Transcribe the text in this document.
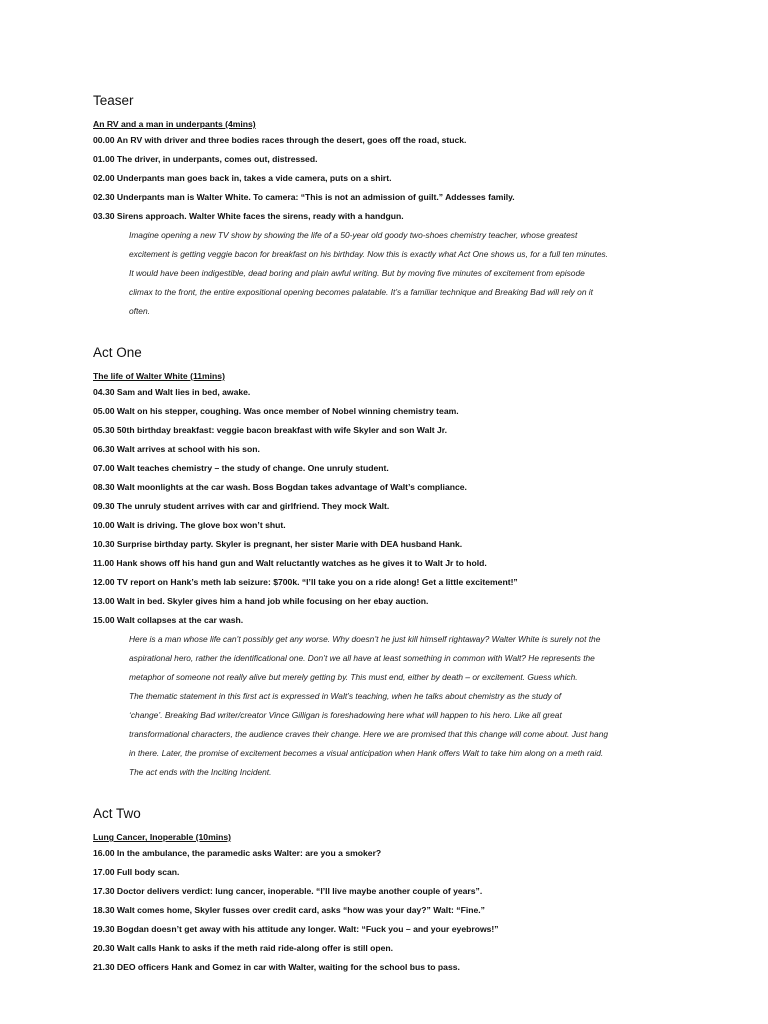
Teaser
An RV and a man in underpants (4mins)
00.00 An RV with driver and three bodies races through the desert, goes off the road, stuck.
01.00 The driver, in underpants, comes out, distressed.
02.00 Underpants man goes back in, takes a vide camera, puts on a shirt.
02.30 Underpants man is Walter White. To camera: “This is not an admission of guilt.” Addesses family.
03.30 Sirens approach. Walter White faces the sirens, ready with a handgun.
Imagine opening a new TV show by showing the life of a 50-year old goody two-shoes chemistry teacher, whose greatest
excitement is getting veggie bacon for breakfast on his birthday. Now this is exactly what Act One shows us, for a full ten minutes.
It would have been indigestible, dead boring and plain awful writing. But by moving five minutes of excitement from episode
climax to the front, the entire expositional opening becomes palatable. It’s a familiar technique and Breaking Bad will rely on it
often.
Act One
The life of Walter White (11mins)
04.30 Sam and Walt lies in bed, awake.
05.00 Walt on his stepper, coughing. Was once member of Nobel winning chemistry team.
05.30 50th birthday breakfast: veggie bacon breakfast with wife Skyler and son Walt Jr.
06.30 Walt arrives at school with his son.
07.00 Walt teaches chemistry – the study of change. One unruly student.
08.30 Walt moonlights at the car wash. Boss Bogdan takes advantage of Walt’s compliance.
09.30 The unruly student arrives with car and girlfriend. They mock Walt.
10.00 Walt is driving. The glove box won’t shut.
10.30 Surprise birthday party. Skyler is pregnant, her sister Marie with DEA husband Hank.
11.00 Hank shows off his hand gun and Walt reluctantly watches as he gives it to Walt Jr to hold.
12.00 TV report on Hank’s meth lab seizure: $700k. “I’ll take you on a ride along! Get a little excitement!”
13.00 Walt in bed. Skyler gives him a hand job while focusing on her ebay auction.
15.00 Walt collapses at the car wash.
Here is a man whose life can’t possibly get any worse. Why doesn’t he just kill himself rightaway? Walter White is surely not the
aspirational hero, rather the identificational one. Don’t we all have at least something in common with Walt? He represents the
metaphor of someone not really alive but merely getting by. This must end, either by death – or excitement. Guess which.
The thematic statement in this first act is expressed in Walt’s teaching, when he talks about chemistry as the study of
‘change’. Breaking Bad writer/creator Vince Gilligan is foreshadowing here what will happen to his hero. Like all great
transformational characters, the audience craves their change. Here we are promised that this change will come about. Just hang
in there. Later, the promise of excitement becomes a visual anticipation when Hank offers Walt to take him along on a meth raid.
The act ends with the Inciting Incident.
Act Two
Lung Cancer, Inoperable (10mins)
16.00 In the ambulance, the paramedic asks Walter: are you a smoker?
17.00 Full body scan.
17.30 Doctor delivers verdict: lung cancer, inoperable. “I’ll live maybe another couple of years”.
18.30 Walt comes home, Skyler fusses over credit card, asks “how was your day?” Walt: “Fine.”
19.30 Bogdan doesn’t get away with his attitude any longer. Walt: “Fuck you – and your eyebrows!”
20.30 Walt calls Hank to asks if the meth raid ride-along offer is still open.
21.30 DEO officers Hank and Gomez in car with Walter, waiting for the school bus to pass.
